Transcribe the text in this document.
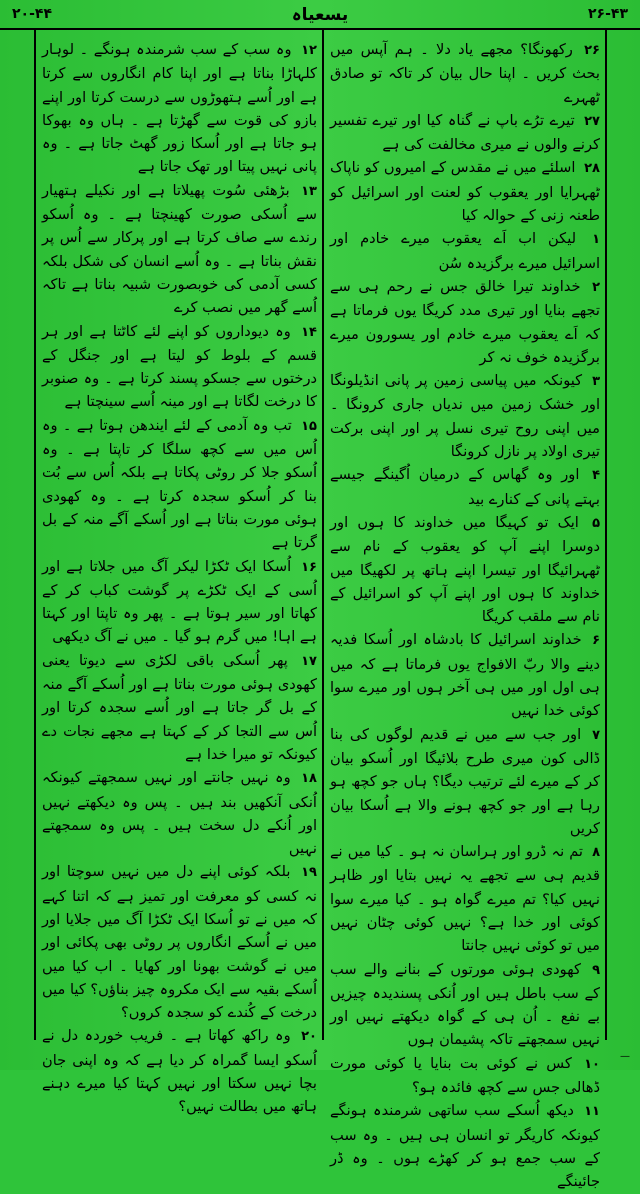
۲۰-۴۴	یسعیاہ	۲۶-۴۳
۲۶ رکھونگا؟ مجھے یاد دلا ۔ ہم آپس میں بحث کریں ۔ اپنا حال بیان کر تاکہ تو صادق ٹھہرے
۲۷ تیرے ترُے باپ نے گناہ کیا اور تیرے تفسیر کرنے والوں نے میری مخالفت کی ہے
۲۸ اسلئے میں نے مقدس کے امیروں کو ناپاک ٹھہرایا اور یعقوب کو لعنت اور اسرائیل کو طعنہ زنی کے حوالہ کیا
۱ لیکن اب اَے یعقوب میرے خادم اور اسرائیل میرے برگزیدہ سُن
۲ خداوند تیرا خالق جس نے رحم ہی سے تجھے بنایا اور تیری مدد کریگا یوں فرماتا ہے کہ اَے یعقوب میرے خادم اور یسورون میرے برگزیدہ خوف نہ کر
۳ کیونکہ میں پیاسی زمین پر پانی انڈیلونگا اور خشک زمین میں ندیاں جاری کرونگا ۔ میں اپنی روح تیری نسل پر اور اپنی برکت تیری اولاد پر نازل کرونگا
۴ اور وہ گھاس کے درمیان اُگینگے جیسے بہتے پانی کے کنارے بید
۵ ایک تو کہیگا میں خداوند کا ہوں اور دوسرا اپنے آپ کو یعقوب کے نام سے ٹھہرائیگا اور تیسرا اپنے ہاتھ پر لکھیگا میں خداوند کا ہوں اور اپنے آپ کو اسرائیل کے نام سے ملقب کریگا
۶ خداوند اسرائیل کا بادشاہ اور اُسکا فدیہ دینے والا ربّ الافواج یوں فرماتا ہے کہ میں ہی اول اور میں ہی آخر ہوں اور میرے سوا کوئی خدا نہیں
۷ اور جب سے میں نے قدیم لوگوں کی بنا ڈالی کون میری طرح بلائیگا اور اُسکو بیان کر کے میرے لئے ترتیب دیگا؟ ہاں جو کچھ ہو رہا ہے اور جو کچھ ہونے والا ہے اُسکا بیان کریں
۸ تم نہ ڈرو اور ہراسان نہ ہو ۔ کیا میں نے قدیم ہی سے تجھے یہ نہیں بتایا اور ظاہر نہیں کیا؟ تم میرے گواہ ہو ۔ کیا میرے سوا کوئی اور خدا ہے؟ نہیں کوئی چٹان نہیں میں تو کوئی نہیں جانتا
۹ کھودی ہوئی مورتوں کے بنانے والے سب کے سب باطل ہیں اور اُنکی پسندیدہ چیزیں بے نفع ۔ اُن ہی کے گواہ دیکھتے نہیں اور نہیں سمجھتے تاکہ پشیمان ہوں
۱۰ کس نے کوئی بت بنایا یا کوئی مورت ڈھالی جس سے کچھ فائدہ ہو؟
۱۱ دیکھ اُسکے سب ساتھی شرمندہ ہونگے کیونکہ کاریگر تو انسان ہی ہیں ۔ وہ سب کے سب جمع ہو کر کھڑے ہوں ۔ وہ ڈر جائینگے
۱۲ وہ سب کے سب شرمندہ ہونگے ۔ لوہار کلہاڑا بناتا ہے اور اپنا کام انگاروں سے کرتا ہے اور اُسے ہتھوڑوں سے درست کرتا اور اپنے بازو کی قوت سے گھڑتا ہے ۔ ہاں وہ بھوکا ہو جاتا ہے اور اُسکا زور گھٹ جاتا ہے ۔ وہ پانی نہیں پیتا اور تھک جاتا ہے
۱۳ بڑھئی سُوت پھیلاتا ہے اور نکیلے ہتھیار سے اُسکی صورت کھینچتا ہے ۔ وہ اُسکو رندے سے صاف کرتا ہے اور پرکار سے اُس پر نقش بناتا ہے ۔ وہ اُسے انسان کی شکل بلکہ کسی آدمی کی خوبصورت شبیہ بناتا ہے تاکہ اُسے گھر میں نصب کرے
۱۴ وہ دیوداروں کو اپنے لئے کاٹتا ہے اور ہر قسم کے بلوط کو لیتا ہے اور جنگل کے درختوں سے جسکو پسند کرتا ہے ۔ وہ صنوبر کا درخت لگاتا ہے اور مینہ اُسے سینچتا ہے
۱۵ تب وہ آدمی کے لئے ایندھن ہوتا ہے ۔ وہ اُس میں سے کچھ سلگا کر تاپتا ہے ۔ وہ اُسکو جلا کر روٹی پکاتا ہے بلکہ اُس سے بُت بنا کر اُسکو سجدہ کرتا ہے ۔ وہ کھودی ہوئی مورت بناتا ہے اور اُسکے آگے منہ کے بل گرتا ہے
۱۶ اُسکا ایک ٹکڑا لیکر آگ میں جلاتا ہے اور اُسی کے ایک ٹکڑے پر گوشت کباب کر کے کھاتا اور سیر ہوتا ہے ۔ پھر وہ تاپتا اور کہتا ہے اہا! میں گرم ہو گیا ۔ میں نے آگ دیکھی
۱۷ پھر اُسکی باقی لکڑی سے دیوتا یعنی کھودی ہوئی مورت بناتا ہے اور اُسکے آگے منہ کے بل گر جاتا ہے اور اُسے سجدہ کرتا اور اُس سے التجا کر کے کہتا ہے مجھے نجات دے کیونکہ تو میرا خدا ہے
۱۸ وہ نہیں جانتے اور نہیں سمجھتے کیونکہ اُنکی آنکھیں بند ہیں ۔ پس وہ دیکھتے نہیں اور اُنکے دل سخت ہیں ۔ پس وہ سمجھتے نہیں
۱۹ بلکہ کوئی اپنے دل میں نہیں سوچتا اور نہ کسی کو معرفت اور تمیز ہے کہ اتنا کہے کہ میں نے تو اُسکا ایک ٹکڑا آگ میں جلایا اور میں نے اُسکے انگاروں پر روٹی بھی پکائی اور میں نے گوشت بھونا اور کھایا ۔ اب کیا میں اُسکے بقیہ سے ایک مکروہ چیز بناؤں؟ کیا میں درخت کے کُندے کو سجدہ کروں؟
۲۰ وہ راکھ کھاتا ہے ۔ فریب خوردہ دل نے اُسکو ایسا گمراہ کر دیا ہے کہ وہ اپنی جان بچا نہیں سکتا اور نہیں کہتا کیا میرے دہنے ہاتھ میں بطالت نہیں؟
—
